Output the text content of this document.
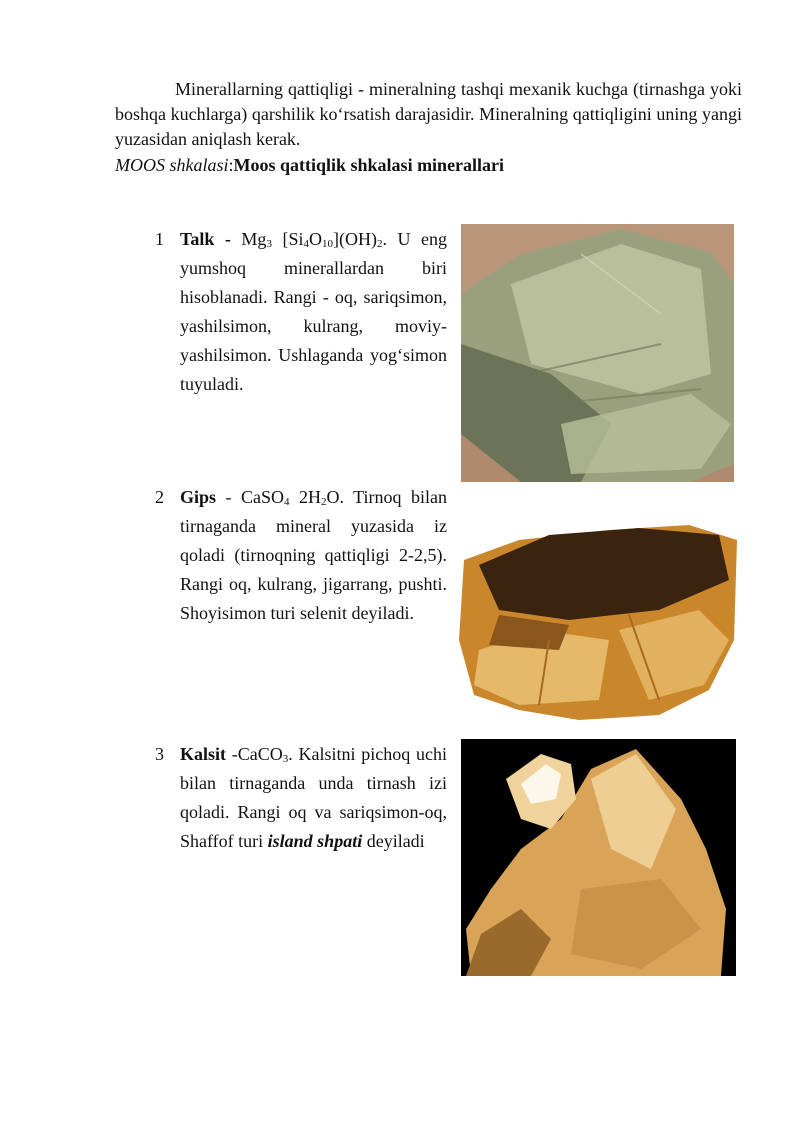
Minerallarning qattiqligi - mineralning tashqi mexanik kuchga (tirnashga yoki boshqa kuchlarga) qarshilik ko‘rsatish darajasidir. Mineralning qattiqligini uning yangi yuzasidan aniqlash kerak.

MOOS shkalasi:Moos qattiqlik shkalasi minerallari
1 Talk - $Mg_3$ $[Si_4O_{10}](OH)_2$. U eng yumshoq minerallardan biri hisoblanadi. Rangi - oq, sariqsimon, yashilsimon, kulrang, moviy-yashilsimon. Ushlaganda yog‘simon tuyuladi.
2 Gips - CaSO$_4$ $2H_2O$. Tirnoq bilan tirnaganda mineral yuzasida iz qoladi (tirnoqning qattiqligi 2-2,5). Rangi oq, kulrang, jigarrang, pushti. Shoyisimon turi selenit deyiladi.
3 Kalsit -CaCO$_3$. Kalsitni pichoq uchi bilan tirnaganda unda tirnash izi qoladi. Rangi oq va sariqsimon-oq, Shaffof turi island shpati deyiladi
